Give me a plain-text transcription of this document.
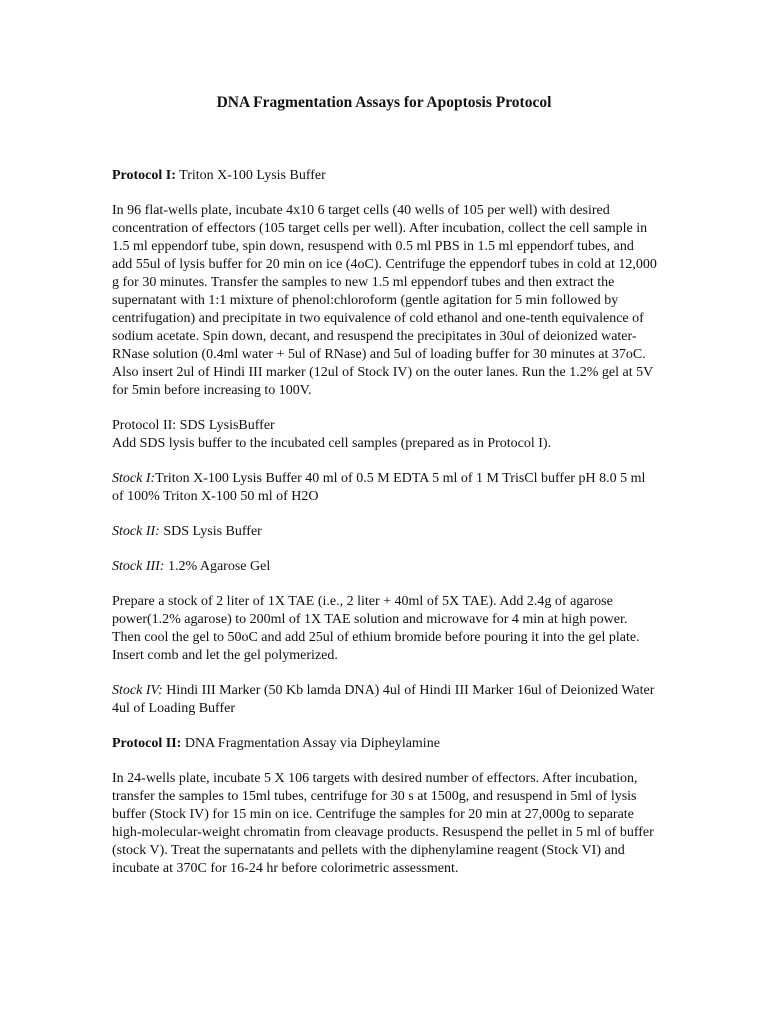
DNA Fragmentation Assays for Apoptosis Protocol

Protocol I: Triton X-100 Lysis Buffer

In 96 flat-wells plate, incubate 4x10 6 target cells (40 wells of 105 per well) with desired concentration of effectors (105 target cells per well). After incubation, collect the cell sample in 1.5 ml eppendorf tube, spin down, resuspend with 0.5 ml PBS in 1.5 ml eppendorf tubes, and add 55ul of lysis buffer for 20 min on ice (4oC). Centrifuge the eppendorf tubes in cold at 12,000 g for 30 minutes. Transfer the samples to new 1.5 ml eppendorf tubes and then extract the supernatant with 1:1 mixture of phenol:chloroform (gentle agitation for 5 min followed by centrifugation) and precipitate in two equivalence of cold ethanol and one-tenth equivalence of sodium acetate. Spin down, decant, and resuspend the precipitates in 30ul of deionized water-RNase solution (0.4ml water + 5ul of RNase) and 5ul of loading buffer for 30 minutes at 37oC. Also insert 2ul of Hindi III marker (12ul of Stock IV) on the outer lanes. Run the 1.2% gel at 5V for 5min before increasing to 100V.

Protocol II: SDS LysisBuffer

Add SDS lysis buffer to the incubated cell samples (prepared as in Protocol I).

Stock I:Triton X-100 Lysis Buffer 40 ml of 0.5 M EDTA 5 ml of 1 M TrisCl buffer pH 8.0 5 ml of 100% Triton X-100 50 ml of H2O

Stock II: SDS Lysis Buffer

Stock III: 1.2% Agarose Gel

Prepare a stock of 2 liter of 1X TAE (i.e., 2 liter + 40ml of 5X TAE). Add 2.4g of agarose power(1.2% agarose) to 200ml of 1X TAE solution and microwave for 4 min at high power. Then cool the gel to 50oC and add 25ul of ethium bromide before pouring it into the gel plate. Insert comb and let the gel polymerized.

Stock IV: Hindi III Marker (50 Kb lamda DNA) 4ul of Hindi III Marker 16ul of Deionized Water 4ul of Loading Buffer

Protocol II: DNA Fragmentation Assay via Dipheylamine

In 24-wells plate, incubate 5 X 106 targets with desired number of effectors. After incubation, transfer the samples to 15ml tubes, centrifuge for 30 s at 1500g, and resuspend in 5ml of lysis buffer (Stock IV) for 15 min on ice. Centrifuge the samples for 20 min at 27,000g to separate high-molecular-weight chromatin from cleavage products. Resuspend the pellet in 5 ml of buffer (stock V). Treat the supernatants and pellets with the diphenylamine reagent (Stock VI) and incubate at 370C for 16-24 hr before colorimetric assessment.
